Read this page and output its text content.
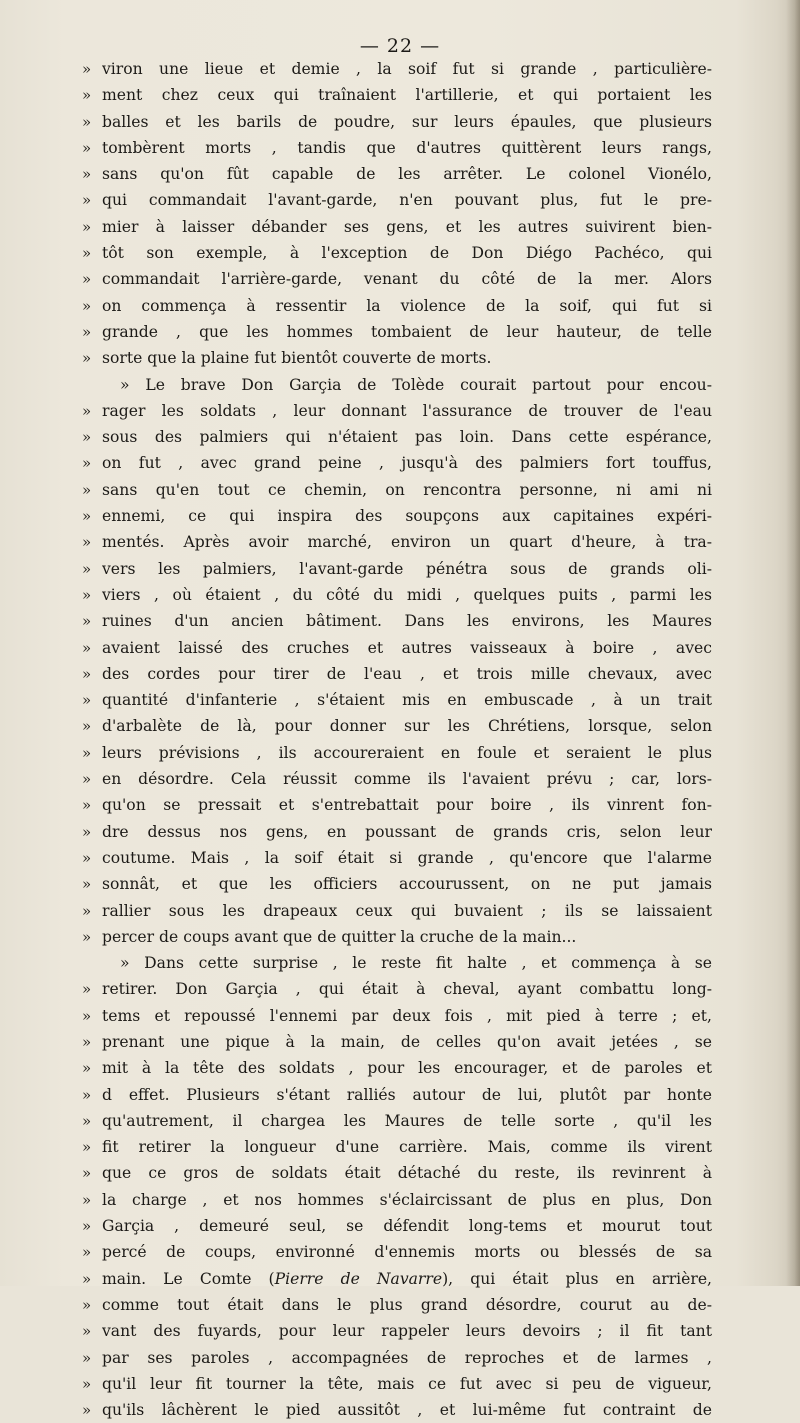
— 22 —
» viron une lieue et demie , la soif fut si grande , particulière-
» ment chez ceux qui traînaient l'artillerie, et qui portaient les
» balles et les barils de poudre, sur leurs épaules, que plusieurs
» tombèrent morts , tandis que d'autres quittèrent leurs rangs,
» sans qu'on fût capable de les arrêter. Le colonel Vionélo,
» qui commandait l'avant-garde, n'en pouvant plus, fut le pre-
» mier à laisser débander ses gens, et les autres suivirent bien-
» tôt son exemple, à l'exception de Don Diégo Pachéco, qui
» commandait l'arrière-garde, venant du côté de la mer. Alors
» on commença à ressentir la violence de la soif, qui fut si
» grande , que les hommes tombaient de leur hauteur, de telle
» sorte que la plaine fut bientôt couverte de morts.
» Le brave Don Garçia de Tolède courait partout pour encou-
» rager les soldats , leur donnant l'assurance de trouver de l'eau
» sous des palmiers qui n'étaient pas loin. Dans cette espérance,
» on fut , avec grand peine , jusqu'à des palmiers fort touffus,
» sans qu'en tout ce chemin, on rencontra personne, ni ami ni
» ennemi, ce qui inspira des soupçons aux capitaines expéri-
» mentés. Après avoir marché, environ un quart d'heure, à tra-
» vers les palmiers, l'avant-garde pénétra sous de grands oli-
» viers , où étaient , du côté du midi , quelques puits , parmi les
» ruines d'un ancien bâtiment. Dans les environs, les Maures
» avaient laissé des cruches et autres vaisseaux à boire , avec
» des cordes pour tirer de l'eau , et trois mille chevaux, avec
» quantité d'infanterie , s'étaient mis en embuscade , à un trait
» d'arbalète de là, pour donner sur les Chrétiens, lorsque, selon
» leurs prévisions , ils accoureraient en foule et seraient le plus
» en désordre. Cela réussit comme ils l'avaient prévu ; car, lors-
» qu'on se pressait et s'entrebattait pour boire , ils vinrent fon-
» dre dessus nos gens, en poussant de grands cris, selon leur
» coutume. Mais , la soif était si grande , qu'encore que l'alarme
» sonnât, et que les officiers accourussent, on ne put jamais
» rallier sous les drapeaux ceux qui buvaient ; ils se laissaient
» percer de coups avant que de quitter la cruche de la main...
» Dans cette surprise , le reste fit halte , et commença à se
» retirer. Don Garçia , qui était à cheval, ayant combattu long-
» tems et repoussé l'ennemi par deux fois , mit pied à terre ; et,
» prenant une pique à la main, de celles qu'on avait jetées , se
» mit à la tête des soldats , pour les encourager, et de paroles et
» d effet. Plusieurs s'étant ralliés autour de lui, plutôt par honte
» qu'autrement, il chargea les Maures de telle sorte , qu'il les
» fit retirer la longueur d'une carrière. Mais, comme ils virent
» que ce gros de soldats était détaché du reste, ils revinrent à
» la charge , et nos hommes s'éclaircissant de plus en plus, Don
» Garçia , demeuré seul, se défendit long-tems et mourut tout
» percé de coups, environné d'ennemis morts ou blessés de sa
» main. Le Comte (Pierre de Navarre), qui était plus en arrière,
» comme tout était dans le plus grand désordre, courut au de-
» vant des fuyards, pour leur rappeler leurs devoirs ; il fit tant
» par ses paroles , accompagnées de reproches et de larmes ,
» qu'il leur fit tourner la tête, mais ce fut avec si peu de vigueur,
» qu'ils lâchèrent le pied aussitôt , et lui-même fut contraint de
